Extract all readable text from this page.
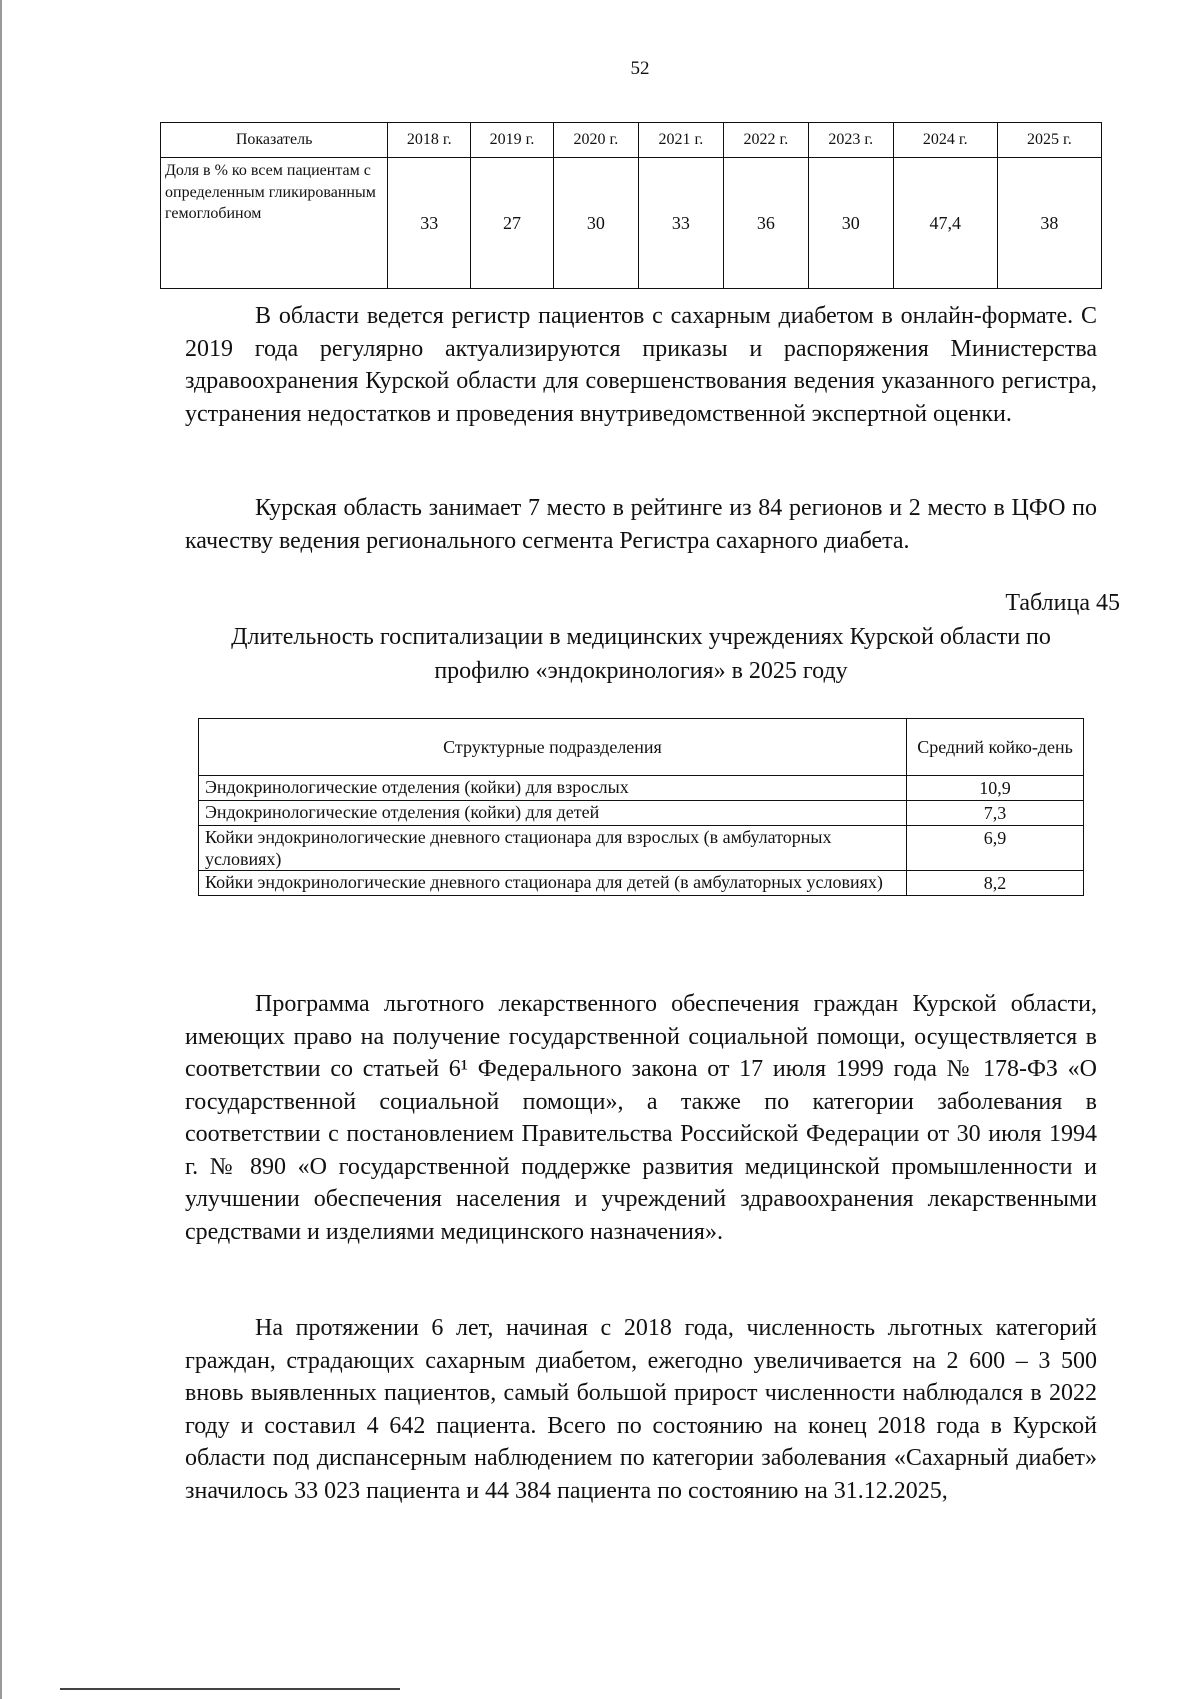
52
Показатель	2018 г.	2019 г.	2020 г.	2021 г.	2022 г.	2023 г.	2024 г.	2025 г.
Доля в % ко всем пациентам с определенным гликированным гемоглобином	33	27	30	33	36	30	47,4	38

В области ведется регистр пациентов с сахарным диабетом в онлайн-формате. С 2019 года регулярно актуализируются приказы и распоряжения Министерства здравоохранения Курской области для совершенствования ведения указанного регистра, устранения недостатков и проведения внутриведомственной экспертной оценки.

Курская область занимает 7 место в рейтинге из 84 регионов и 2 место в ЦФО по качеству ведения регионального сегмента Регистра сахарного диабета.

Таблица 45
Длительность госпитализации в медицинских учреждениях Курской области по профилю «эндокринология» в 2025 году
Структурные подразделения	Средний койко-день
Эндокринологические отделения (койки) для взрослых	10,9
Эндокринологические отделения (койки) для детей	7,3
Койки эндокринологические дневного стационара для взрослых (в амбулаторных условиях)	6,9
Койки эндокринологические дневного стационара для детей (в амбулаторных условиях)	8,2

Программа льготного лекарственного обеспечения граждан Курской области, имеющих право на получение государственной социальной помощи, осуществляется в соответствии со статьей 6¹ Федерального закона от 17 июля 1999 года № 178-ФЗ «О государственной социальной помощи», а также по категории заболевания в соответствии с постановлением Правительства Российской Федерации от 30 июля 1994 г. № 890 «О государственной поддержке развития медицинской промышленности и улучшении обеспечения населения и учреждений здравоохранения лекарственными средствами и изделиями медицинского назначения».

На протяжении 6 лет, начиная с 2018 года, численность льготных категорий граждан, страдающих сахарным диабетом, ежегодно увеличивается на 2 600 – 3 500 вновь выявленных пациентов, самый большой прирост численности наблюдался в 2022 году и составил 4 642 пациента. Всего по состоянию на конец 2018 года в Курской области под диспансерным наблюдением по категории заболевания «Сахарный диабет» значилось 33 023 пациента и 44 384 пациента по состоянию на 31.12.2025,
